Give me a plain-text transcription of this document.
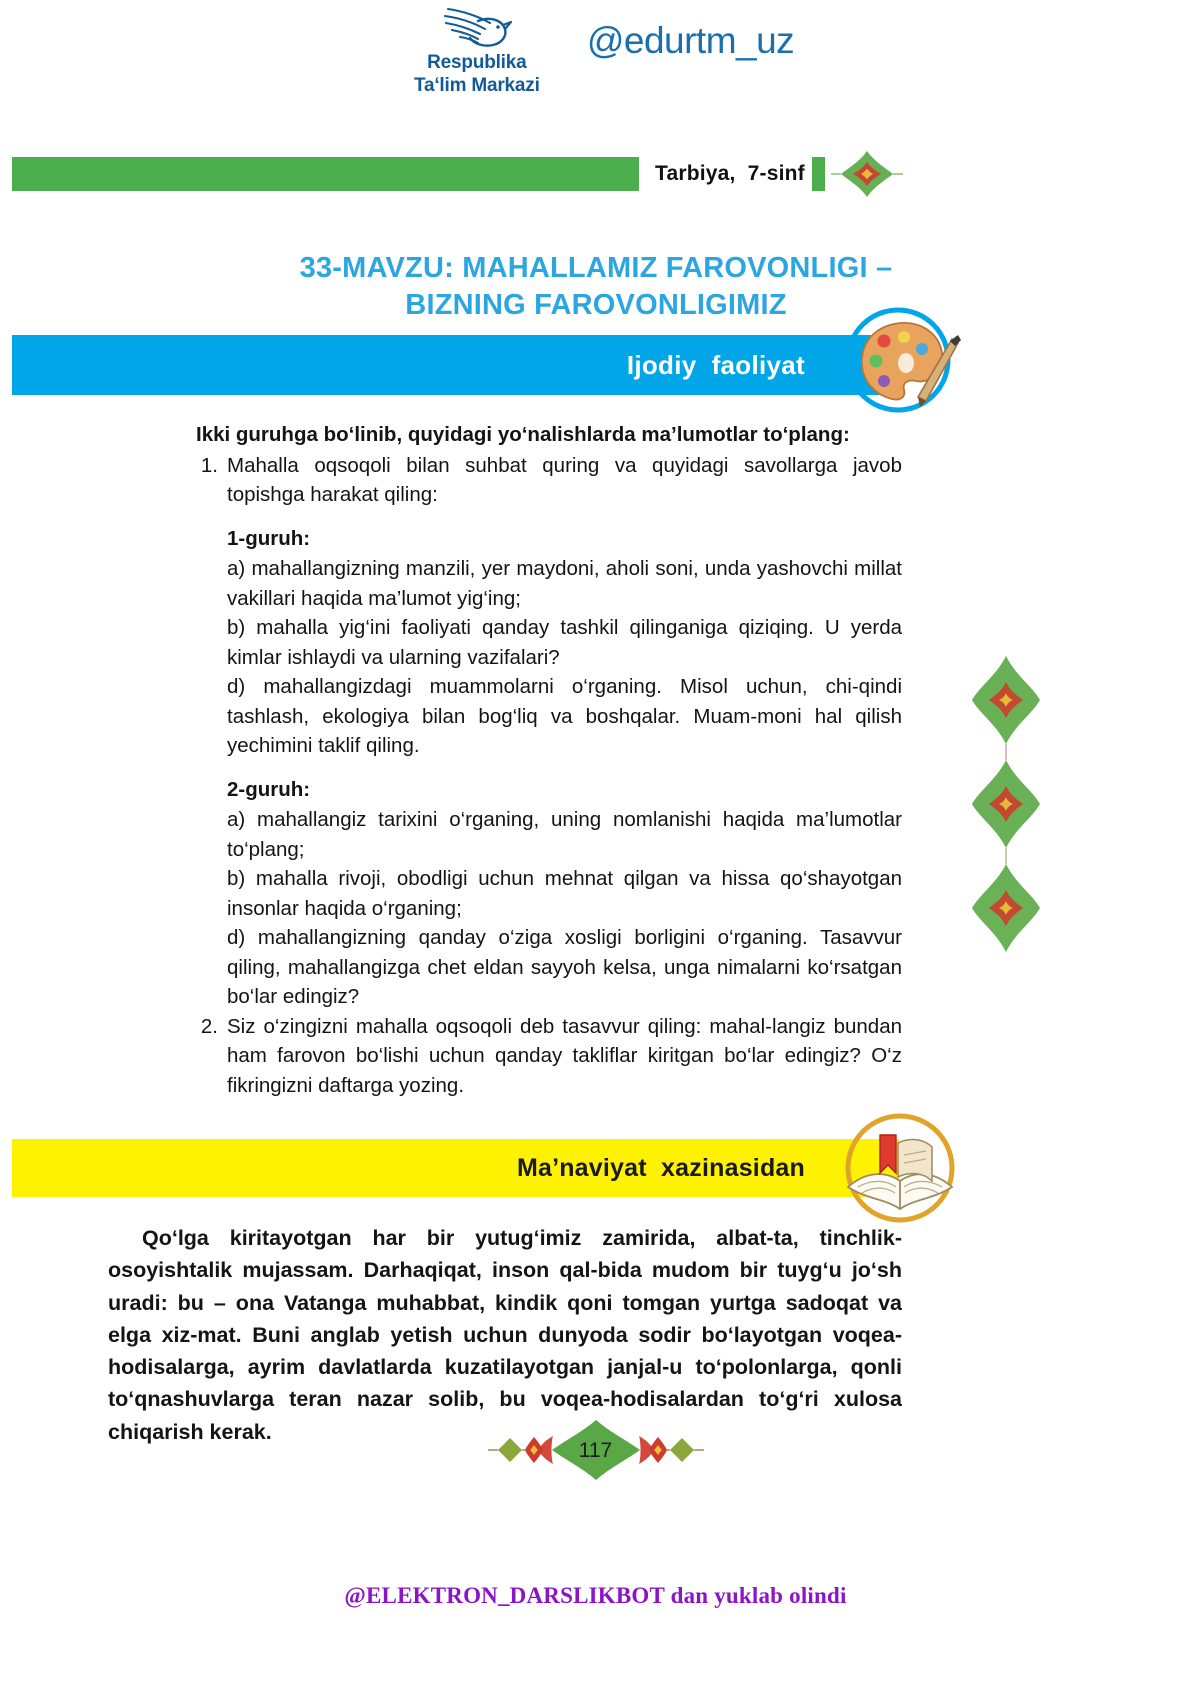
Respublika
Ta‘lim Markazi
@edurtm_uz
Tarbiya,  7-sinf
33-MAVZU: MAHALLAMIZ FAROVONLIGI –
BIZNING FAROVONLIGIMIZ
Ijodiy  faoliyat

Ikki guruhga bo‘linib, quyidagi yo‘nalishlarda ma’lumotlar to‘plang:

1. Mahalla oqsoqoli bilan suhbat quring va quyidagi savollarga javob topishga harakat qiling:

1-guruh:

a) mahallangizning manzili, yer maydoni, aholi soni, unda yashovchi millat vakillari haqida ma’lumot yig‘ing;

b) mahalla yig‘ini faoliyati qanday tashkil qilinganiga qiziqing. U yerda kimlar ishlaydi va ularning vazifalari?

d) mahallangizdagi muammolarni o‘rganing. Misol uchun, chi-qindi tashlash, ekologiya bilan bog‘liq va boshqalar. Muam-moni hal qilish yechimini taklif qiling.

2-guruh:

a) mahallangiz tarixini o‘rganing, uning nomlanishi haqida ma’lumotlar to‘plang;

b) mahalla rivoji, obodligi uchun mehnat qilgan va hissa qo‘shayotgan insonlar haqida o‘rganing;

d) mahallangizning qanday o‘ziga xosligi borligini o‘rganing. Tasavvur qiling, mahallangizga chet eldan sayyoh kelsa, unga nimalarni ko‘rsatgan bo‘lar edingiz?

2. Siz o‘zingizni mahalla oqsoqoli deb tasavvur qiling: mahal-langiz bundan ham farovon bo‘lishi uchun qanday takliflar kiritgan bo‘lar edingiz? O‘z fikringizni daftarga yozing.
Ma’naviyat  xazinasidan

Qo‘lga kiritayotgan har bir yutug‘imiz zamirida, albat-ta, tinchlik-osoyishtalik mujassam. Darhaqiqat, inson qal-bida mudom bir tuyg‘u jo‘sh uradi: bu – ona Vatanga muhabbat, kindik qoni tomgan yurtga sadoqat va elga xiz-mat. Buni anglab yetish uchun dunyoda sodir bo‘layotgan voqea-hodisalarga, ayrim davlatlarda kuzatilayotgan janjal-u to‘polonlarga, qonli to‘qnashuvlarga teran nazar solib, bu voqea-hodisalardan to‘g‘ri xulosa chiqarish kerak.

117
@ELEKTRON_DARSLIKBOT dan yuklab olindi
